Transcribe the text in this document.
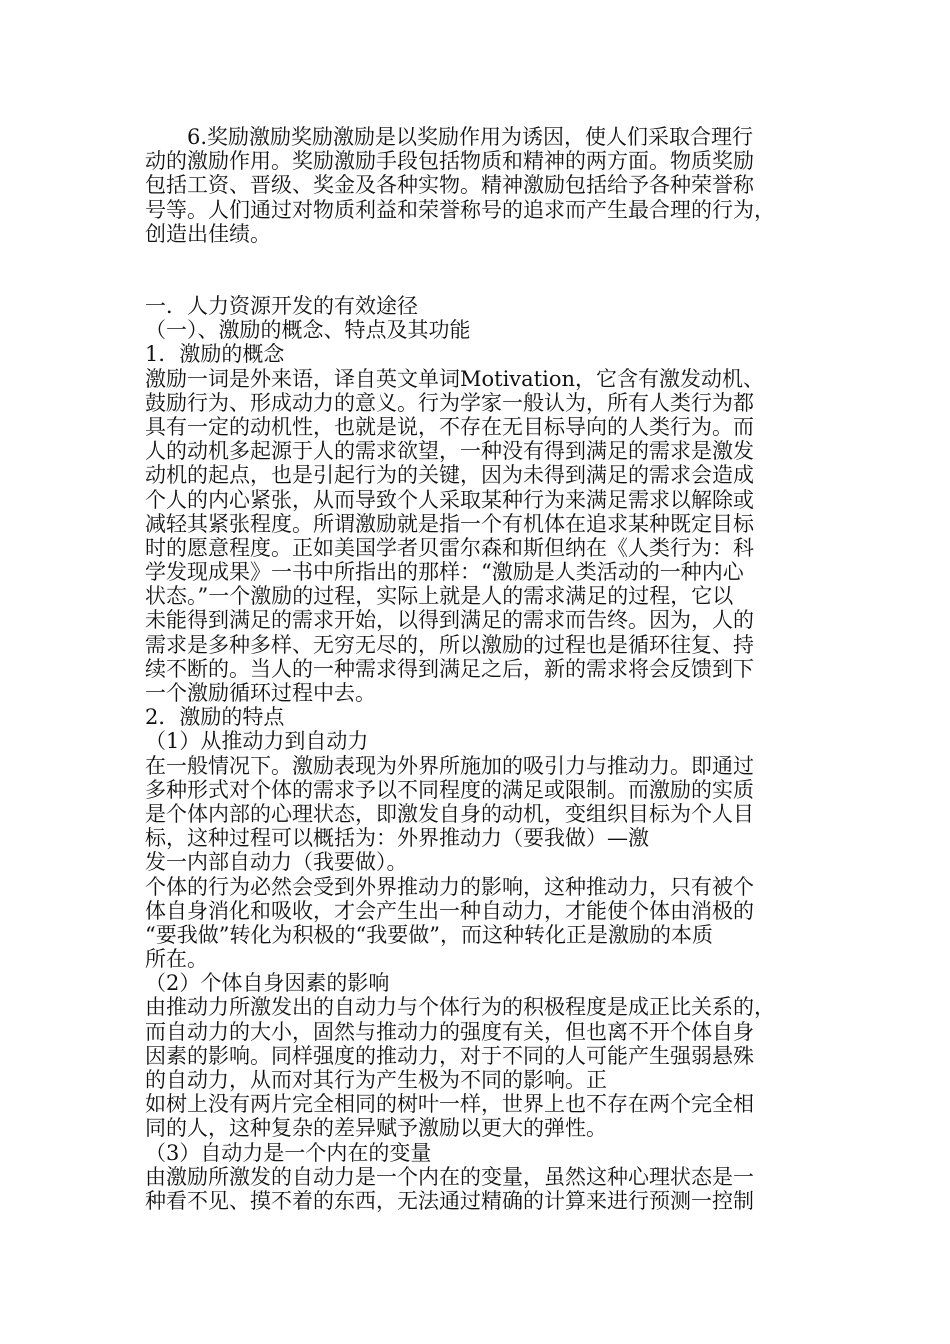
6.奖励激励奖励激励是以奖励作用为诱因，使人们采取合理行
动的激励作用。奖励激励手段包括物质和精神的两方面。物质奖励
包括工资、晋级、奖金及各种实物。精神激励包括给予各种荣誉称
号等。人们通过对物质利益和荣誉称号的追求而产生最合理的行为，
创造出佳绩。
一．人力资源开发的有效途径
（一）、激励的概念、特点及其功能
1．激励的概念
激励一词是外来语，译自英文单词Motivation，它含有激发动机、
鼓励行为、形成动力的意义。行为学家一般认为，所有人类行为都
具有一定的动机性，也就是说，不存在无目标导向的人类行为。而
人的动机多起源于人的需求欲望，一种没有得到满足的需求是激发
动机的起点，也是引起行为的关键，因为未得到满足的需求会造成
个人的内心紧张，从而导致个人采取某种行为来满足需求以解除或
减轻其紧张程度。所谓激励就是指一个有机体在追求某种既定目标
时的愿意程度。正如美国学者贝雷尔森和斯但纳在《人类行为：科
学发现成果》一书中所指出的那样：“激励是人类活动的一种内心
状态。”一个激励的过程，实际上就是人的需求满足的过程，它以
未能得到满足的需求开始，以得到满足的需求而告终。因为，人的
需求是多种多样、无穷无尽的，所以激励的过程也是循环往复、持
续不断的。当人的一种需求得到满足之后，新的需求将会反馈到下
一个激励循环过程中去。
2．激励的特点
（1）从推动力到自动力
在一般情况下。激励表现为外界所施加的吸引力与推动力。即通过
多种形式对个体的需求予以不同程度的满足或限制。而激励的实质
是个体内部的心理状态，即激发自身的动机，变组织目标为个人目
标，这种过程可以概括为：外界推动力（要我做）—激
发一内部自动力（我要做）。
个体的行为必然会受到外界推动力的影响，这种推动力，只有被个
体自身消化和吸收，才会产生出一种自动力，才能使个体由消极的
“要我做”转化为积极的“我要做”，而这种转化正是激励的本质
所在。
（2）个体自身因素的影响
由推动力所激发出的自动力与个体行为的积极程度是成正比关系的，
而自动力的大小，固然与推动力的强度有关，但也离不开个体自身
因素的影响。同样强度的推动力，对于不同的人可能产生强弱悬殊
的自动力，从而对其行为产生极为不同的影响。正
如树上没有两片完全相同的树叶一样，世界上也不存在两个完全相
同的人，这种复杂的差异赋予激励以更大的弹性。
（3）自动力是一个内在的变量
由激励所激发的自动力是一个内在的变量，虽然这种心理状态是一
种看不见、摸不着的东西，无法通过精确的计算来进行预测一控制
